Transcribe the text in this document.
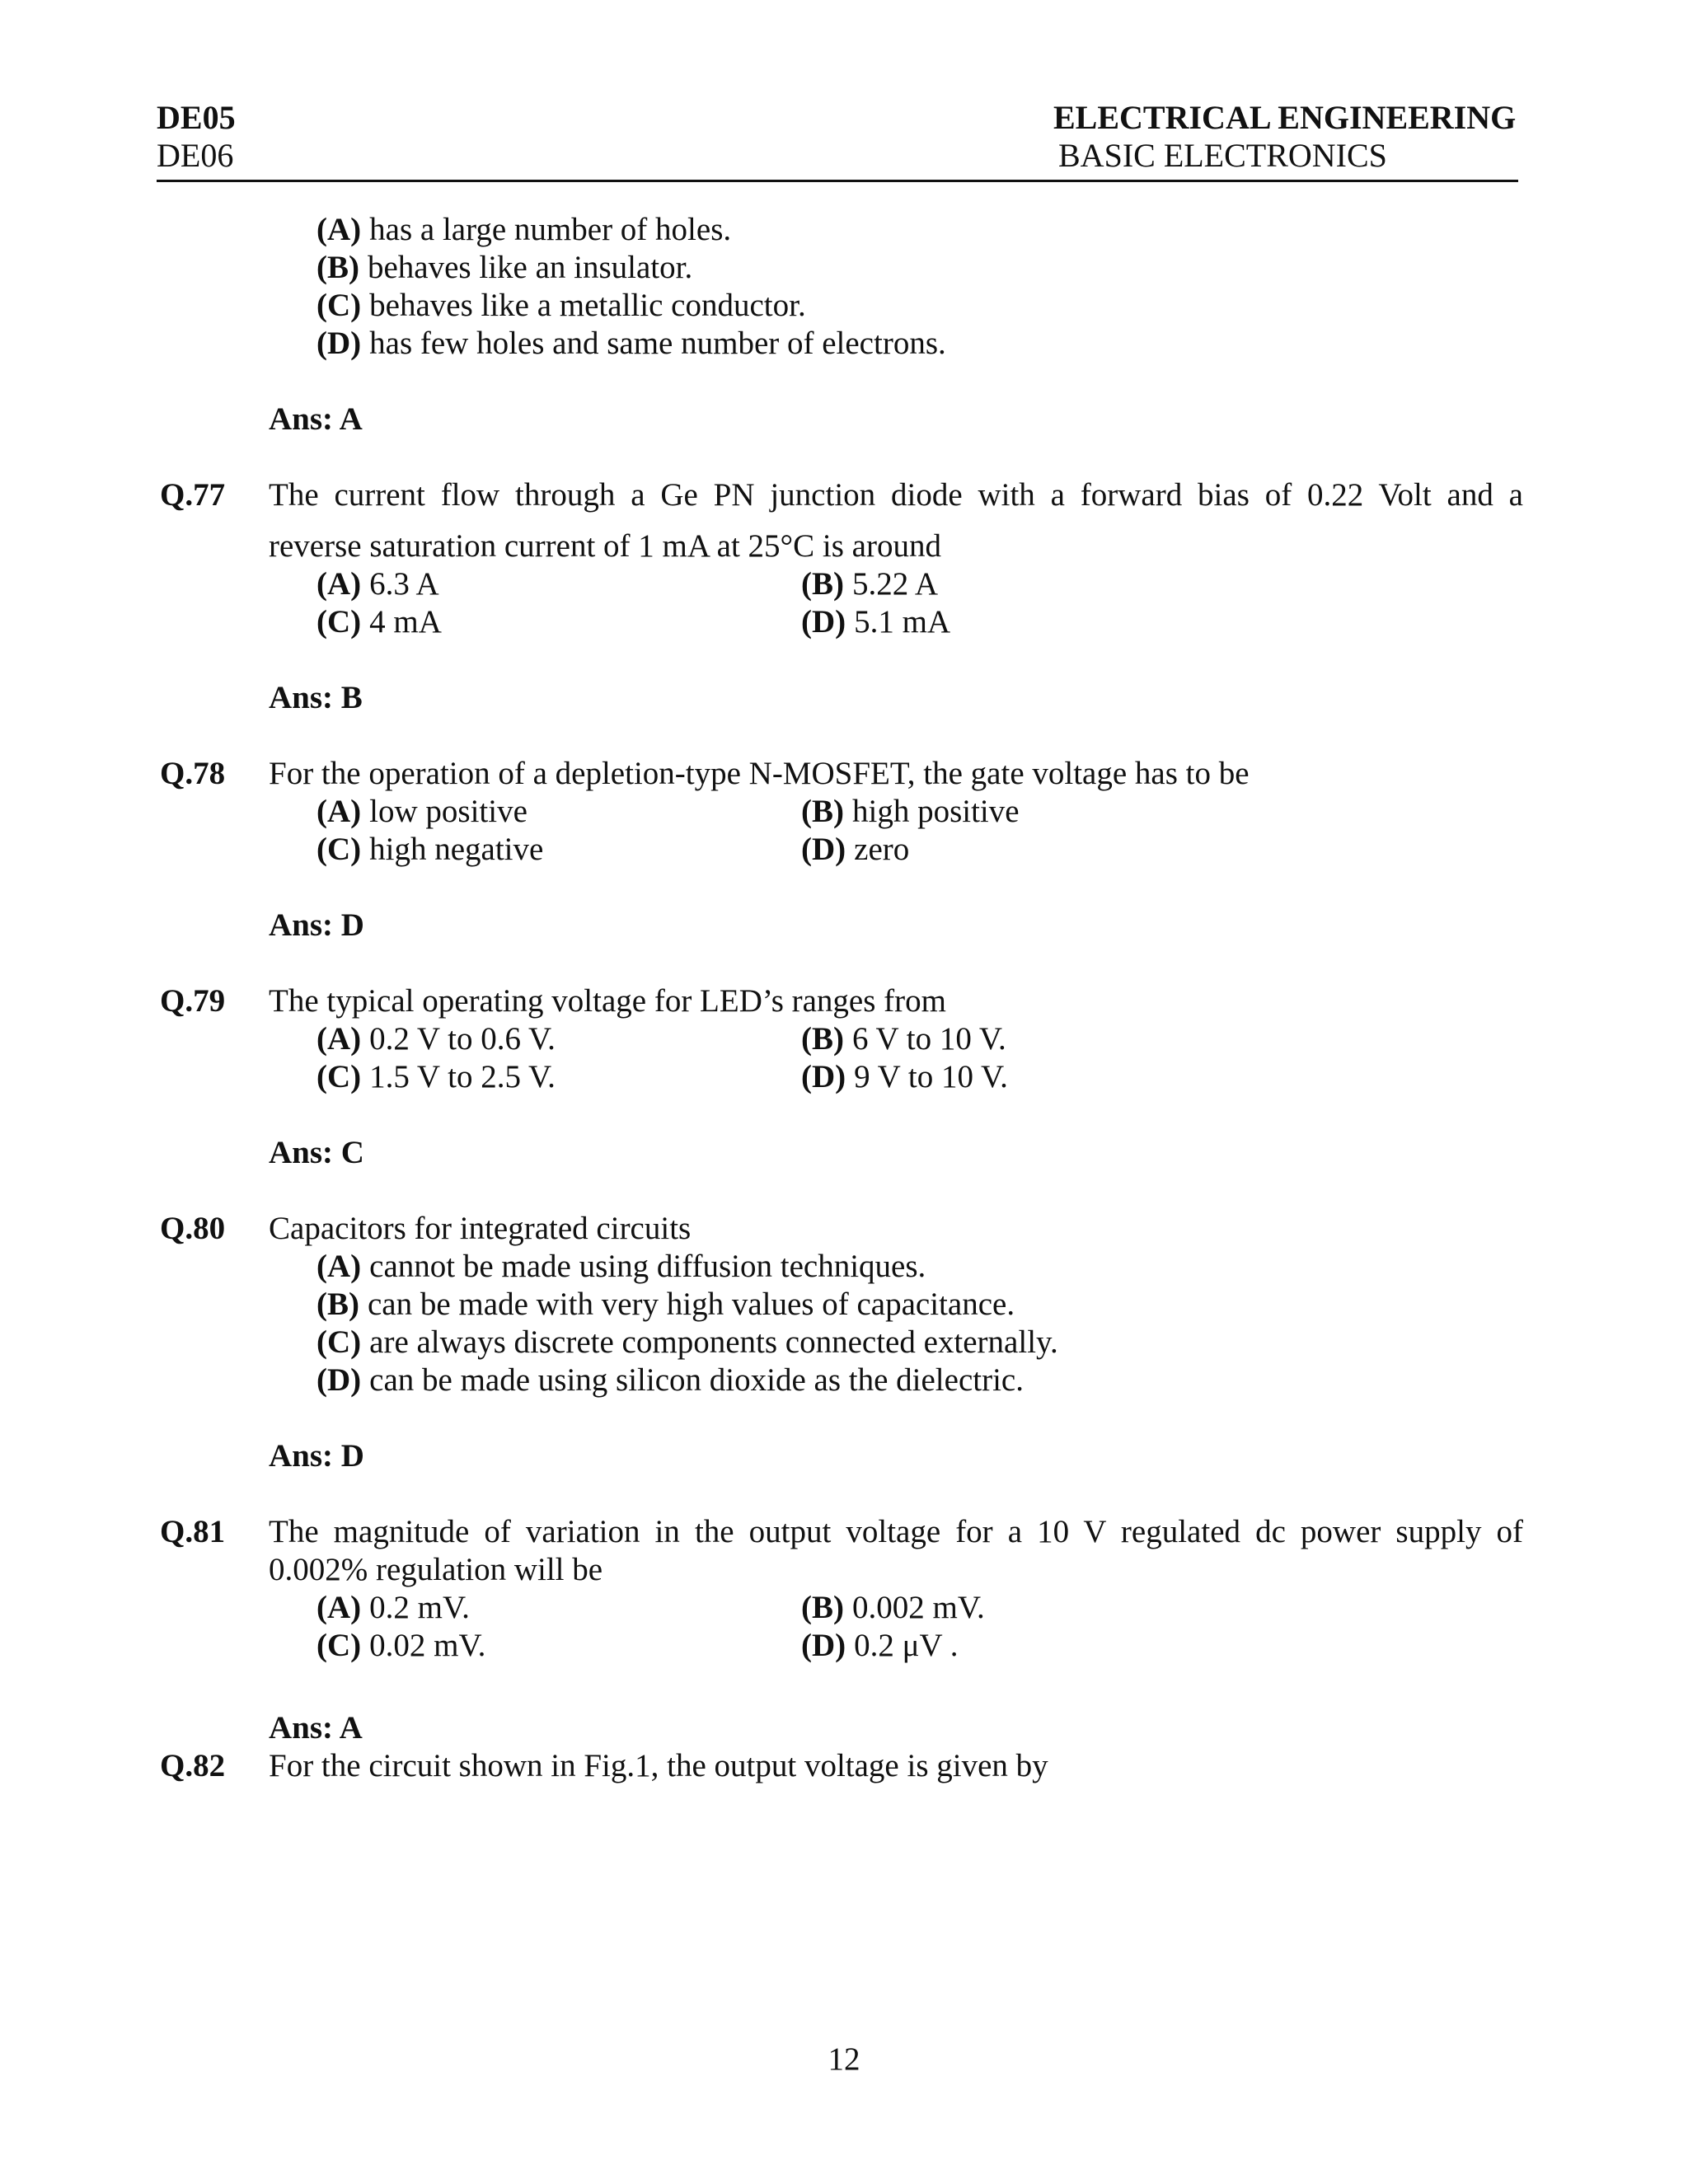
DE05
DE06
ELECTRICAL ENGINEERING
BASIC ELECTRONICS
(A) has a large number of holes.
(B) behaves like an insulator.
(C) behaves like a metallic conductor.
(D) has few holes and same number of electrons.
Ans: A
Q.77 The current flow through a Ge PN junction diode with a forward bias of 0.22 Volt and a
reverse saturation current of 1 mA at 25°C is around
(A) 6.3 A	(B) 5.22 A
(C) 4 mA	(D) 5.1 mA
Ans: B
Q.78 For the operation of a depletion-type N-MOSFET, the gate voltage has to be
(A) low positive	(B) high positive
(C) high negative	(D) zero
Ans: D
Q.79 The typical operating voltage for LED’s ranges from
(A) 0.2 V to 0.6 V.	(B) 6 V to 10 V.
(C) 1.5 V to 2.5 V.	(D) 9 V to 10 V.
Ans: C
Q.80 Capacitors for integrated circuits
(A) cannot be made using diffusion techniques.
(B) can be made with very high values of capacitance.
(C) are always discrete components connected externally.
(D) can be made using silicon dioxide as the dielectric.
Ans: D
Q.81 The magnitude of variation in the output voltage for a 10 V regulated dc power supply of
0.002% regulation will be
(A) 0.2 mV.	(B) 0.002 mV.
(C) 0.02 mV.	(D) 0.2 μV .
Ans: A
Q.82 For the circuit shown in Fig.1, the output voltage is given by
12
